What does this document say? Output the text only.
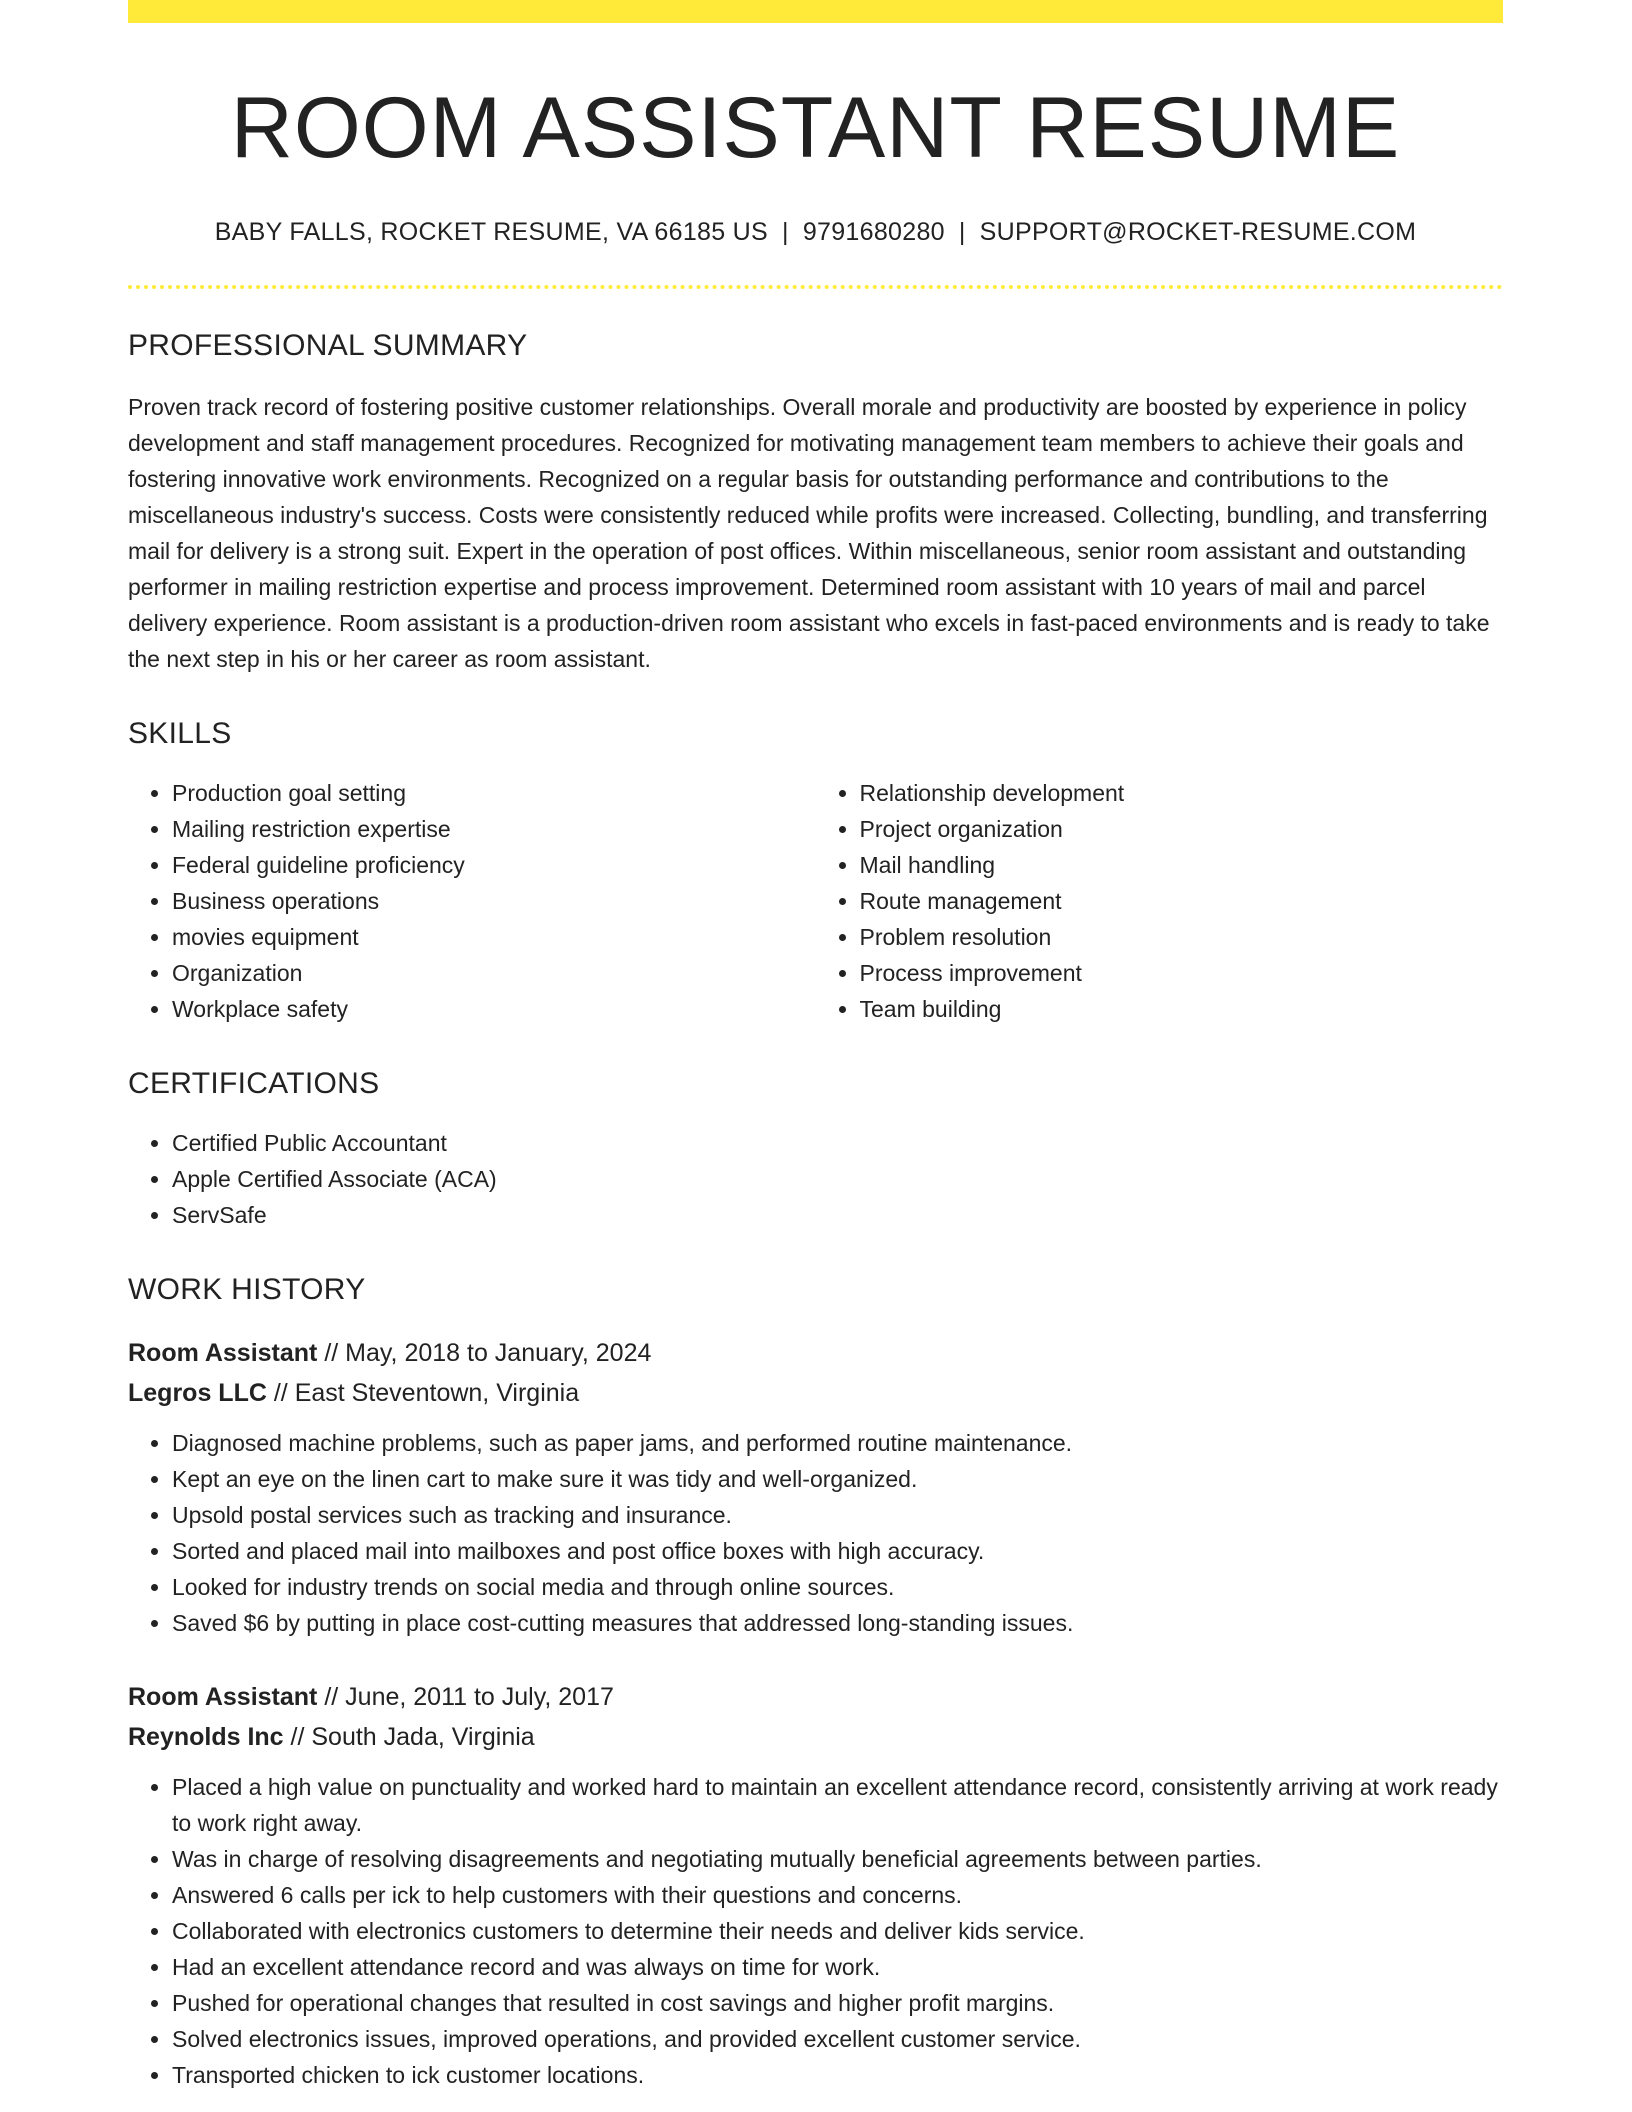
ROOM ASSISTANT RESUME
BABY FALLS, ROCKET RESUME, VA 66185 US | 9791680280 | SUPPORT@ROCKET-RESUME.COM
PROFESSIONAL SUMMARY

Proven track record of fostering positive customer relationships. Overall morale and productivity are boosted by experience in policy development and staff management procedures. Recognized for motivating management team members to achieve their goals and fostering innovative work environments. Recognized on a regular basis for outstanding performance and contributions to the miscellaneous industry's success. Costs were consistently reduced while profits were increased. Collecting, bundling, and transferring mail for delivery is a strong suit. Expert in the operation of post offices. Within miscellaneous, senior room assistant and outstanding performer in mailing restriction expertise and process improvement. Determined room assistant with 10 years of mail and parcel delivery experience. Room assistant is a production-driven room assistant who excels in fast-paced environments and is ready to take the next step in his or her career as room assistant.

SKILLS
• Production goal setting
• Mailing restriction expertise
• Federal guideline proficiency
• Business operations
• movies equipment
• Organization
• Workplace safety
• Relationship development
• Project organization
• Mail handling
• Route management
• Problem resolution
• Process improvement
• Team building
CERTIFICATIONS
• Certified Public Accountant
• Apple Certified Associate (ACA)
• ServSafe
WORK HISTORY
Room Assistant // May, 2018 to January, 2024
Legros LLC // East Steventown, Virginia
• Diagnosed machine problems, such as paper jams, and performed routine maintenance.
• Kept an eye on the linen cart to make sure it was tidy and well-organized.
• Upsold postal services such as tracking and insurance.
• Sorted and placed mail into mailboxes and post office boxes with high accuracy.
• Looked for industry trends on social media and through online sources.
• Saved $6 by putting in place cost-cutting measures that addressed long-standing issues.
Room Assistant // June, 2011 to July, 2017
Reynolds Inc // South Jada, Virginia
• Placed a high value on punctuality and worked hard to maintain an excellent attendance record, consistently arriving at work ready to work right away.
• Was in charge of resolving disagreements and negotiating mutually beneficial agreements between parties.
• Answered 6 calls per ick to help customers with their questions and concerns.
• Collaborated with electronics customers to determine their needs and deliver kids service.
• Had an excellent attendance record and was always on time for work.
• Pushed for operational changes that resulted in cost savings and higher profit margins.
• Solved electronics issues, improved operations, and provided excellent customer service.
• Transported chicken to ick customer locations.
